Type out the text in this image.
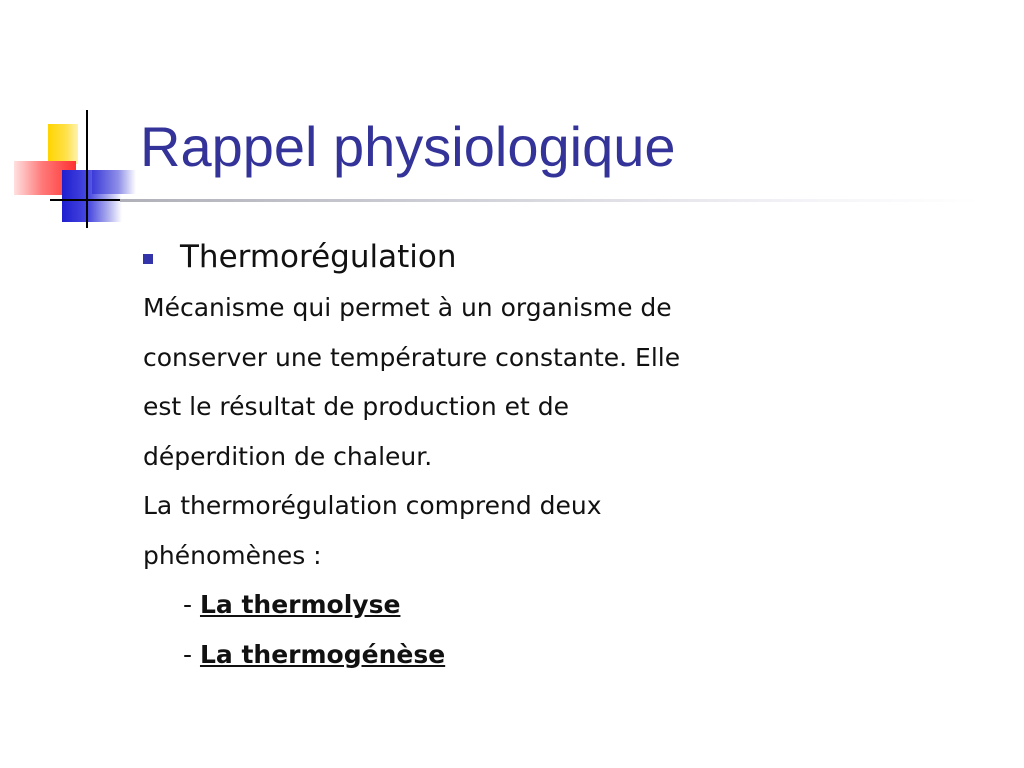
Rappel physiologique
Thermorégulation
Mécanisme qui permet à un organisme de
conserver une température constante. Elle
est le résultat de production et de
déperdition de chaleur.
La thermorégulation comprend deux
phénomènes :
- La thermolyse
- La thermogénèse
